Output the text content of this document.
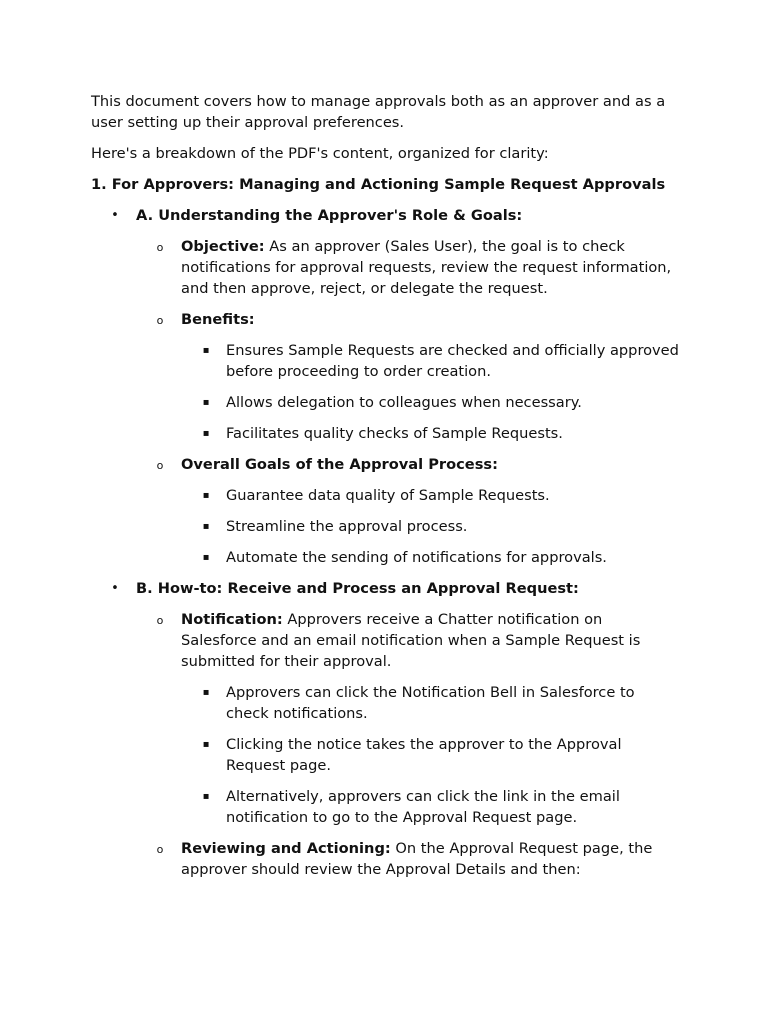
This document covers how to manage approvals both as an approver and as a user setting up their approval preferences.

Here's a breakdown of the PDF's content, organized for clarity:

1. For Approvers: Managing and Actioning Sample Request Approvals

• A. Understanding the Approver's Role & Goals:
o Objective: As an approver (Sales User), the goal is to check notifications for approval requests, review the request information, and then approve, reject, or delegate the request.
o Benefits:
▪ Ensures Sample Requests are checked and officially approved before proceeding to order creation.
▪ Allows delegation to colleagues when necessary.
▪ Facilitates quality checks of Sample Requests.
o Overall Goals of the Approval Process:
▪ Guarantee data quality of Sample Requests.
▪ Streamline the approval process.
▪ Automate the sending of notifications for approvals.
• B. How-to: Receive and Process an Approval Request:
o Notification: Approvers receive a Chatter notification on Salesforce and an email notification when a Sample Request is submitted for their approval.
▪ Approvers can click the Notification Bell in Salesforce to check notifications.
▪ Clicking the notice takes the approver to the Approval Request page.
▪ Alternatively, approvers can click the link in the email notification to go to the Approval Request page.
o Reviewing and Actioning: On the Approval Request page, the approver should review the Approval Details and then:
